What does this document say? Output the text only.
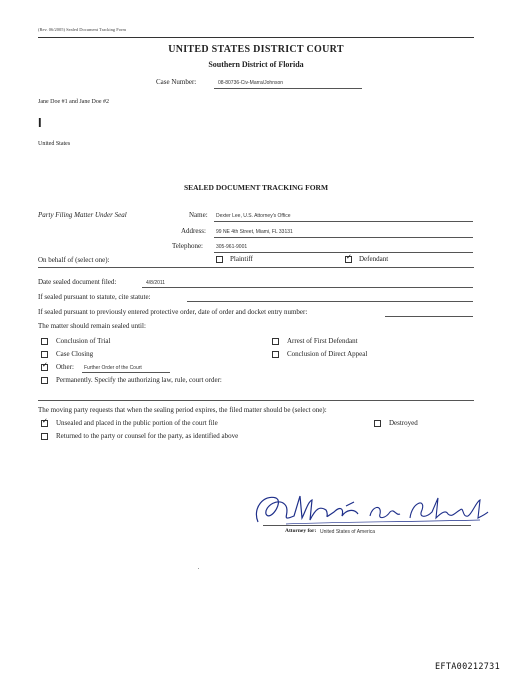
(Rev. 06/2005) Sealed Document Tracking Form
UNITED STATES DISTRICT COURT
Southern District of Florida
Case Number:	08-80736-Civ-Marra/Johnson
Jane Doe #1 and Jane Doe #2
I
United States
SEALED DOCUMENT TRACKING FORM
Party Filing Matter Under Seal	Name: Dexter Lee, U.S. Attorney's Office
Address: 99 NE 4th Street, Miami, FL 33131
Telephone:	305-961-9001
On behalf of (select one):	Plaintiff	✓ Defendant
Date sealed document filed:	4/8/2011
If sealed pursuant to statute, cite statute:
If sealed pursuant to previously entered protective order, date of order and docket entry number:
The matter should remain sealed until:
Conclusion of Trial	Arrest of First Defendant
Case Closing	Conclusion of Direct Appeal
✓ Other: Further Order of the Court
Permanently. Specify the authorizing law, rule, court order:
The moving party requests that when the sealing period expires, the filed matter should be (select one):
✓ Unsealed and placed in the public portion of the court file	Destroyed
Returned to the party or counsel for the party, as identified above
Attorney for: United States of America
EFTA00212731
